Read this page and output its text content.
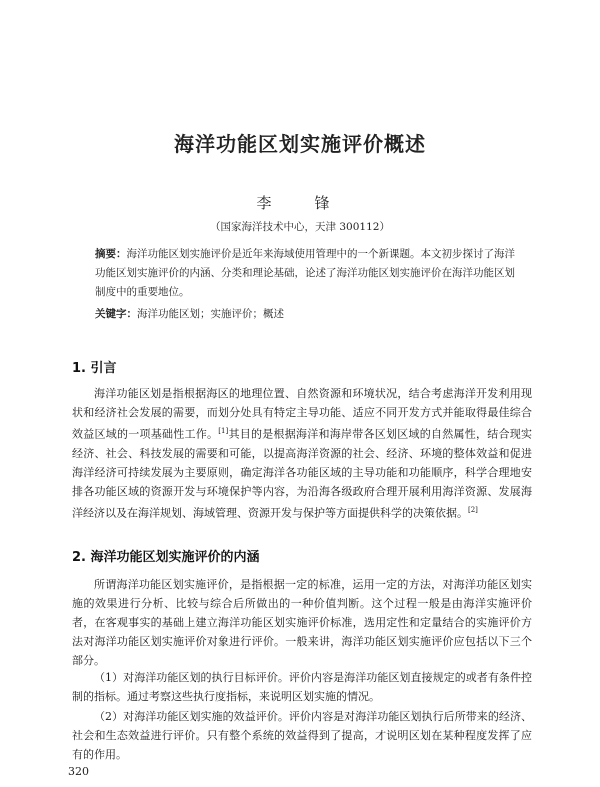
海洋功能区划实施评价概述
李　锋
（国家海洋技术中心，天津 300112）
摘要：海洋功能区划实施评价是近年来海域使用管理中的一个新课题。本文初步探讨了海洋功能区划实施评价的内涵、分类和理论基础，论述了海洋功能区划实施评价在海洋功能区划制度中的重要地位。
关键字：海洋功能区划；实施评价；概述
1. 引言
海洋功能区划是指根据海区的地理位置、自然资源和环境状况，结合考虑海洋开发利用现状和经济社会发展的需要，而划分处具有特定主导功能、适应不同开发方式并能取得最佳综合效益区域的一项基础性工作。[1]其目的是根据海洋和海岸带各区划区域的自然属性，结合现实经济、社会、科技发展的需要和可能，以提高海洋资源的社会、经济、环境的整体效益和促进海洋经济可持续发展为主要原则，确定海洋各功能区域的主导功能和功能顺序，科学合理地安排各功能区域的资源开发与环境保护等内容，为沿海各级政府合理开展利用海洋资源、发展海洋经济以及在海洋规划、海域管理、资源开发与保护等方面提供科学的决策依据。[2]
2. 海洋功能区划实施评价的内涵
所谓海洋功能区划实施评价，是指根据一定的标准，运用一定的方法，对海洋功能区划实施的效果进行分析、比较与综合后所做出的一种价值判断。这个过程一般是由海洋实施评价者，在客观事实的基础上建立海洋功能区划实施评价标准，选用定性和定量结合的实施评价方法对海洋功能区划实施评价对象进行评价。一般来讲，海洋功能区划实施评价应包括以下三个部分。
（1）对海洋功能区划的执行目标评价。评价内容是海洋功能区划直接规定的或者有条件控制的指标。通过考察这些执行度指标，来说明区划实施的情况。
（2）对海洋功能区划实施的效益评价。评价内容是对海洋功能区划执行后所带来的经济、社会和生态效益进行评价。只有整个系统的效益得到了提高，才说明区划在某种程度发挥了应有的作用。
320
